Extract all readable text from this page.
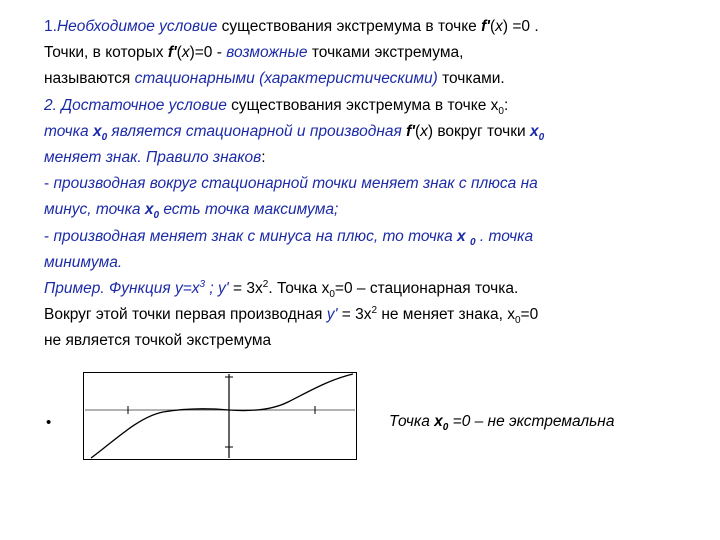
1.Необходимое условие существования экстремума в точке f'(x) =0 .
Точки, в которых f'(x)=0 - возможные точками экстремума,
называются стационарными (характеристическими) точками.
2. Достаточное условие существования экстремума в точке $x_0$:
точка $x_0$ является стационарной и производная f'(x) вокруг точки $x_0$
меняет знак. Правило знаков:
- производная вокруг стационарной точки меняет знак с плюса на
минус, точка $x_0$ есть точка максимума;
- производная меняет знак с минуса на плюс, то точка x $_0$ . точка
минимума.
Пример. Функция $y=x^3$ ; $y' = 3x^2$. Точка $x_0=0$ – стационарная точка.
Вокруг этой точки первая производная $y' = 3x^2$ не меняет знака, $x_0=0$
не является точкой экстремума
•	Точка $x_0 =0$ – не экстремальна
